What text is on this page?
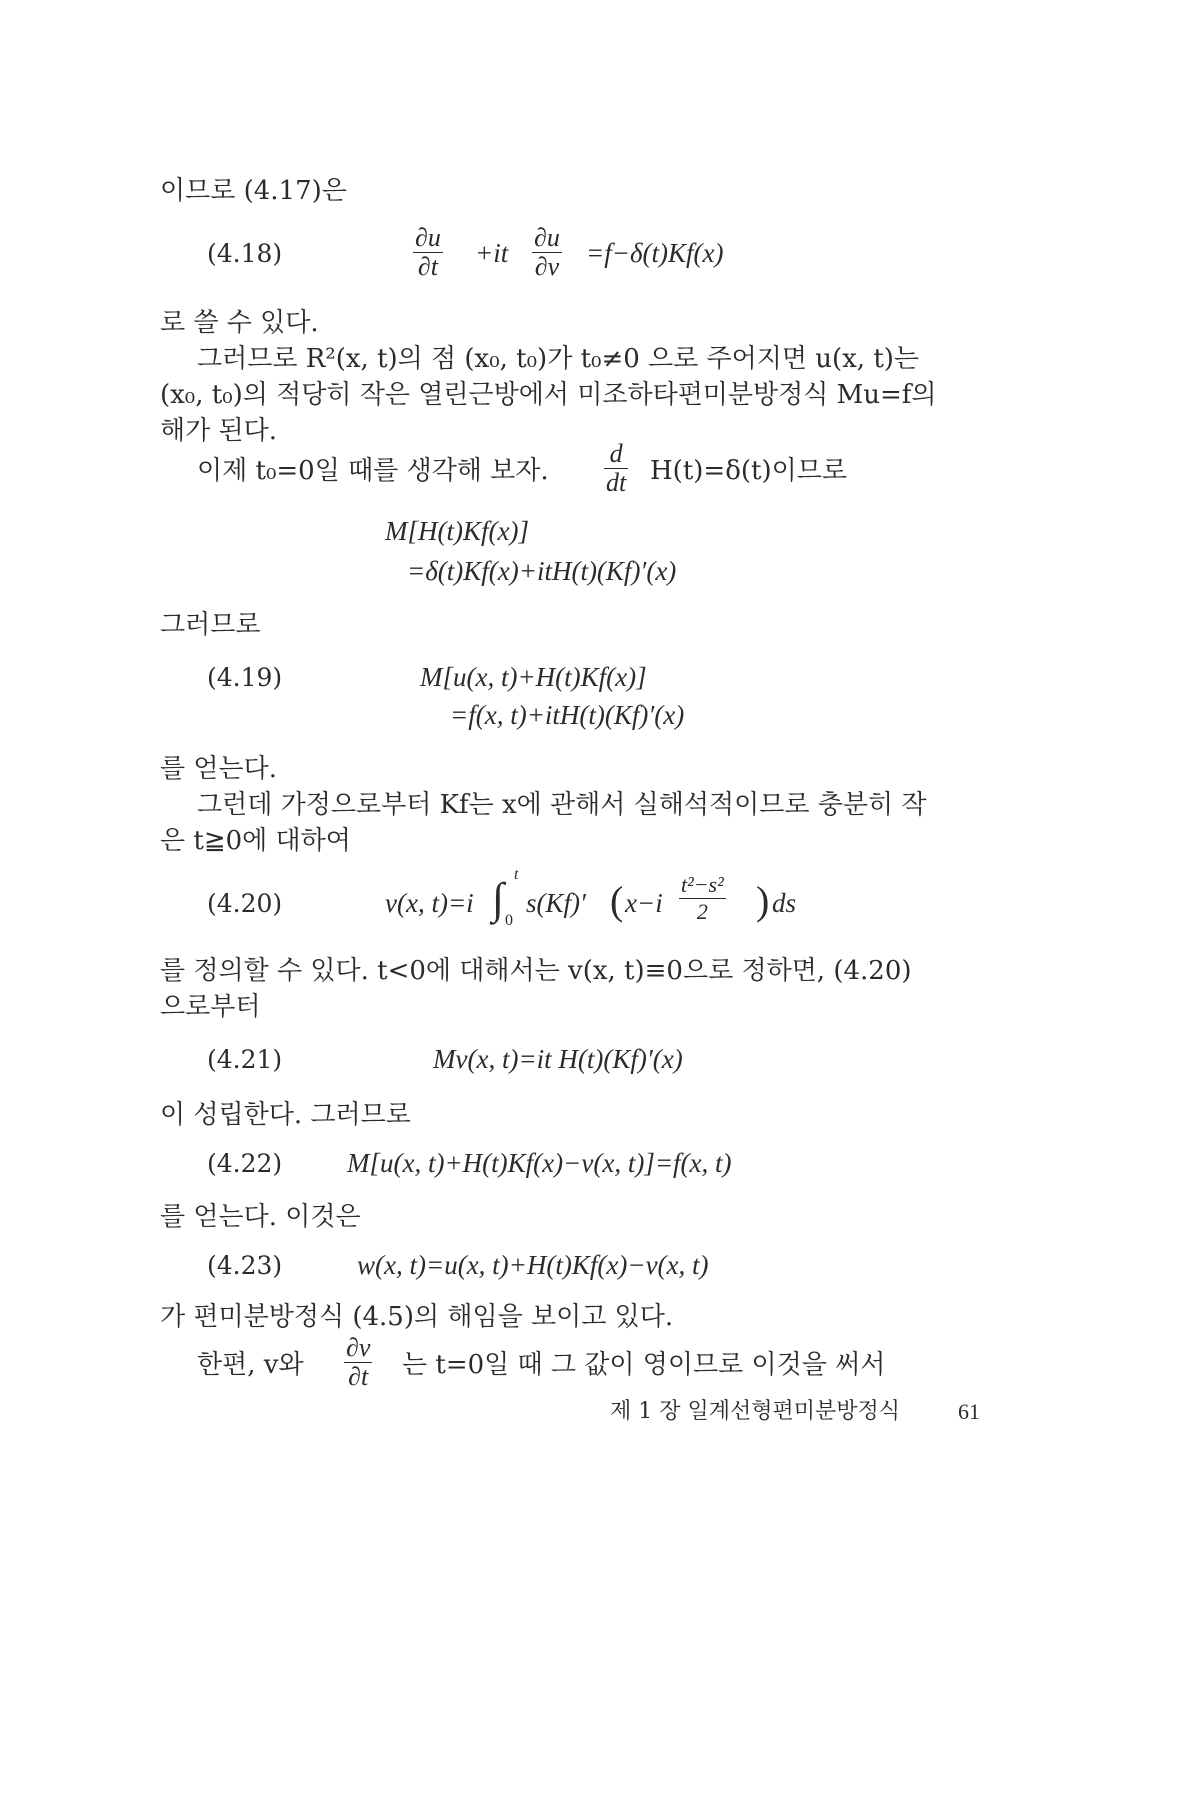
이므로 (4.17)은
(4.18)	$\frac{\partial u}{\partial t} +it \frac{\partial u}{\partial v} =f-\delta(t)Kf(x)$
로 쓸 수 있다.
그러므로 R²(x, t)의 점 (x₀, t₀)가 t₀≠0 으로 주어지면 u(x, t)는
(x₀, t₀)의 적당히 작은 열린근방에서 미조하타편미분방정식 Mu=f의
해가 된다.
이제 t₀=0일 때를 생각해 보자. $\frac{d}{dt} H(t)=\delta(t)$이므로
M[H(t)Kf(x)]
=δ(t)Kf(x)+itH(t)(Kf)′(x)
그러므로
(4.19)	M[u(x, t)+H(t)Kf(x)]
=f(x, t)+itH(t)(Kf)′(x)
를 얻는다.
그런데 가정으로부터 Kf는 x에 관해서 실해석적이므로 충분히 작
은 t≧0에 대하여
(4.20)	v(x, t)=i ∫ t
0
s(Kf)′ ( $x-i \frac{\text{t²−s²}}{2}$ ) ds
를 정의할 수 있다. t<0에 대해서는 v(x, t)≡0으로 정하면, (4.20)
으로부터
(4.21)	Mv(x, t)=it H(t)(Kf)′(x)
이 성립한다. 그러므로
(4.22) M[u(x, t)+H(t)Kf(x)−v(x, t)]=f(x, t)
를 얻는다. 이것은
(4.23)	w(x, t)=u(x, t)+H(t)Kf(x)−v(x, t)
가 편미분방정식 (4.5)의 해임을 보이고 있다.
한편, v와 $\frac{\partial v}{\partial t}$ 는 t=0일 때 그 값이 영이므로 이것을 써서
제 1 장 일계선형편미분방정식	61
